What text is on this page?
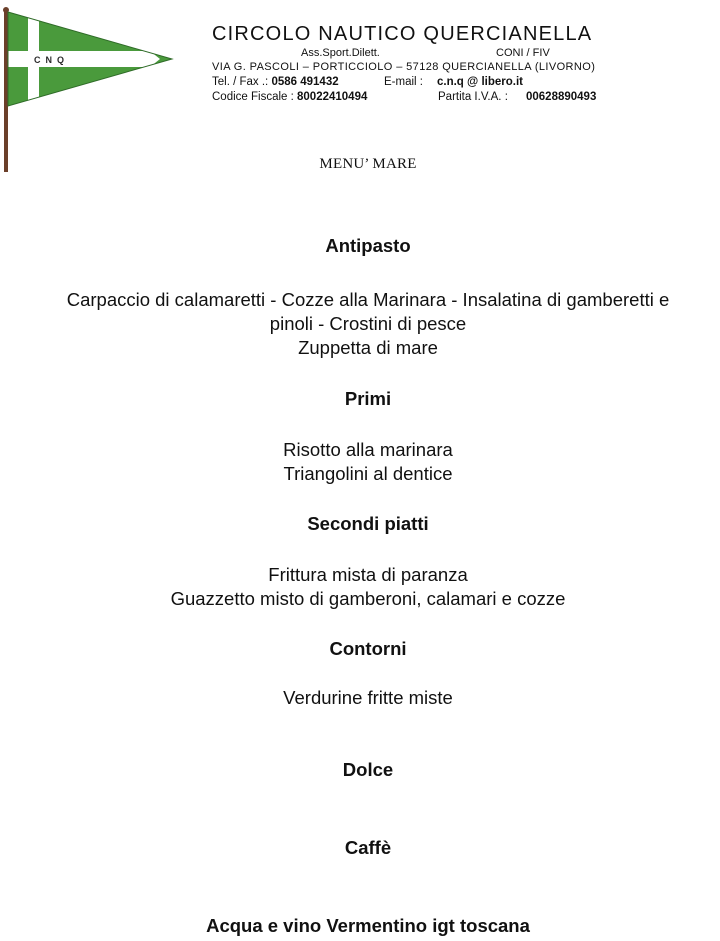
C  N  Q
CIRCOLO NAUTICO QUERCIANELLA
Ass.Sport.Dilett.	CONI / FIV
VIA G. PASCOLI – PORTICCIOLO – 57128 QUERCIANELLA (LIVORNO)
Tel. / Fax .: 0586 491432	E-mail : c.n.q @ libero.it
Codice Fiscale : 80022410494	Partita I.V.A. : 00628890493
MENU’ MARE
Antipasto
Carpaccio di calamaretti - Cozze alla Marinara - Insalatina di gamberetti e
pinoli - Crostini di pesce
Zuppetta di mare
Primi
Risotto alla marinara
Triangolini al dentice
Secondi piatti
Frittura mista di paranza
Guazzetto misto di gamberoni, calamari e cozze
Contorni
Verdurine fritte miste
Dolce
Caffè
Acqua e vino Vermentino igt toscana
